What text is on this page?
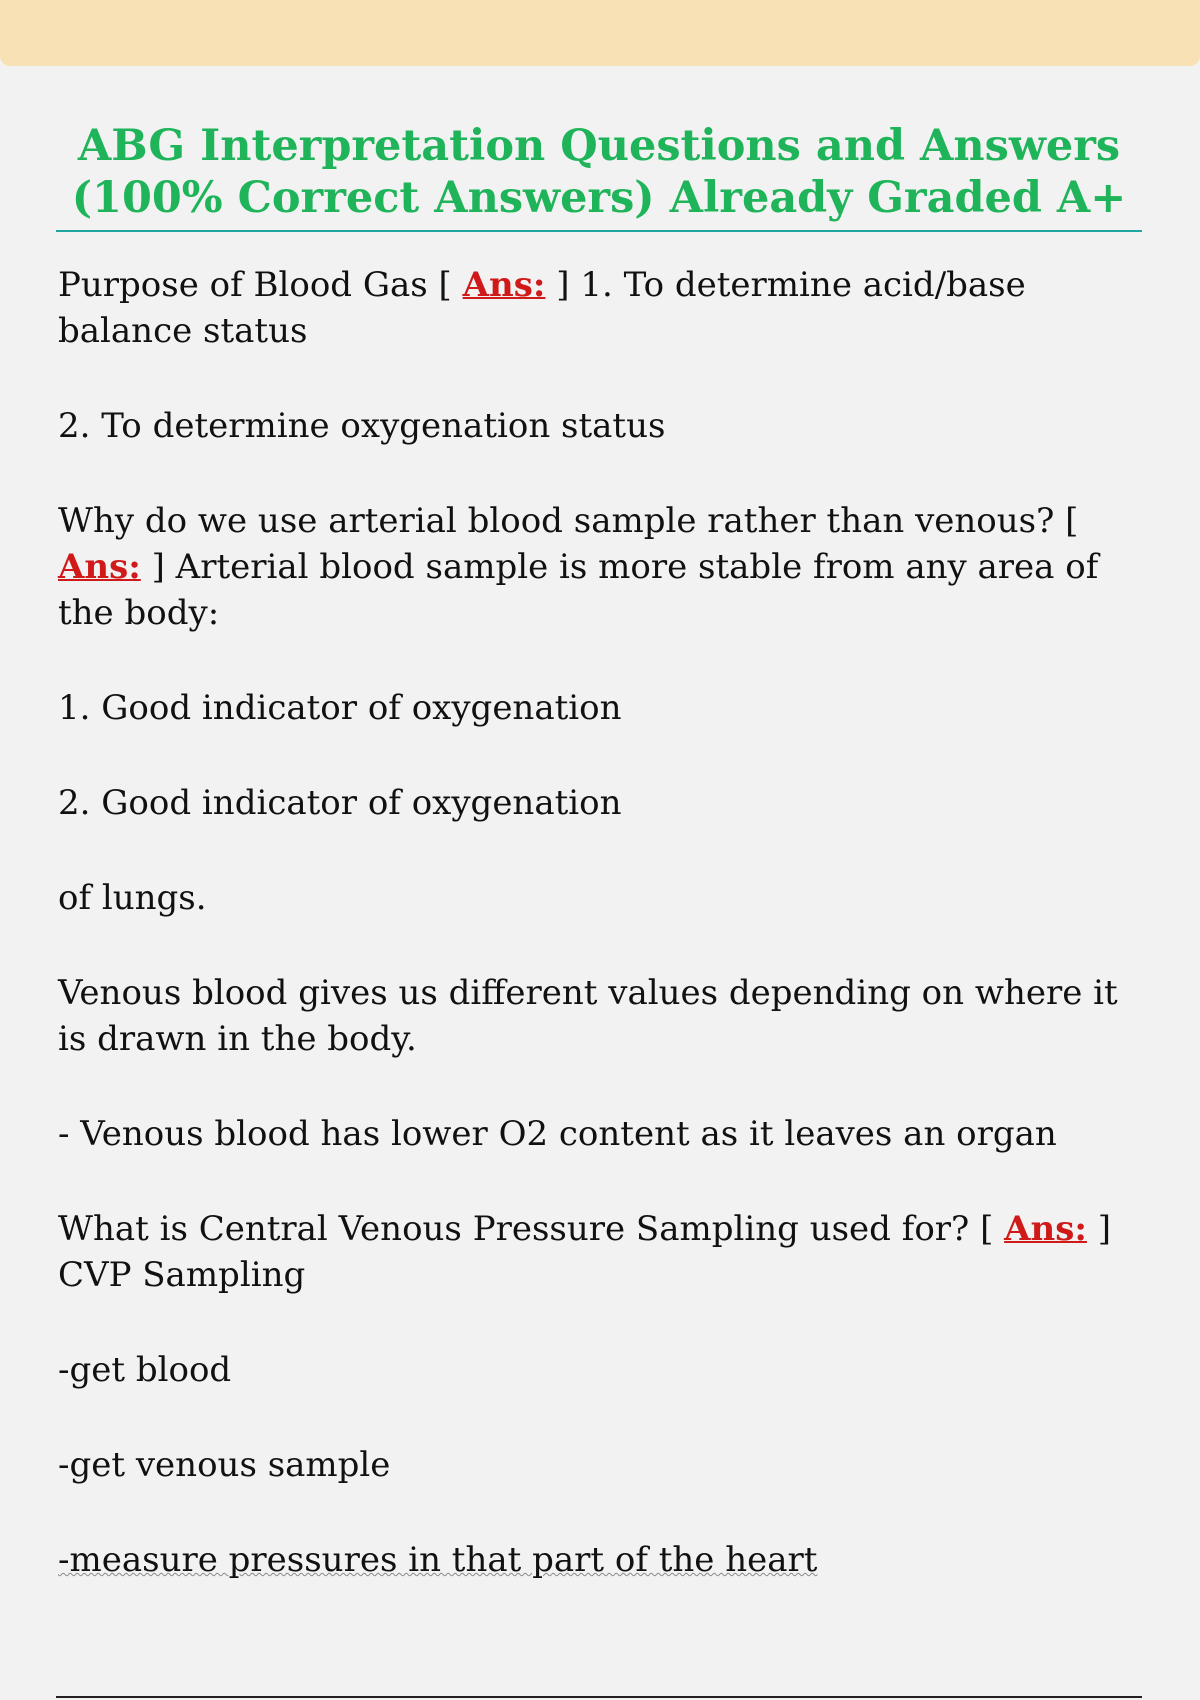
ABG Interpretation Questions and Answers (100% Correct Answers) Already Graded A+

Purpose of Blood Gas [ Ans: ] 1. To determine acid/base balance status

2. To determine oxygenation status

Why do we use arterial blood sample rather than venous? [ Ans: ] Arterial blood sample is more stable from any area of the body:

1. Good indicator of oxygenation

2. Good indicator of oxygenation

of lungs.

Venous blood gives us different values depending on where it is drawn in the body.

- Venous blood has lower O2 content as it leaves an organ

What is Central Venous Pressure Sampling used for? [ Ans: ] CVP Sampling

-get blood

-get venous sample

-measure pressures in that part of the heart
